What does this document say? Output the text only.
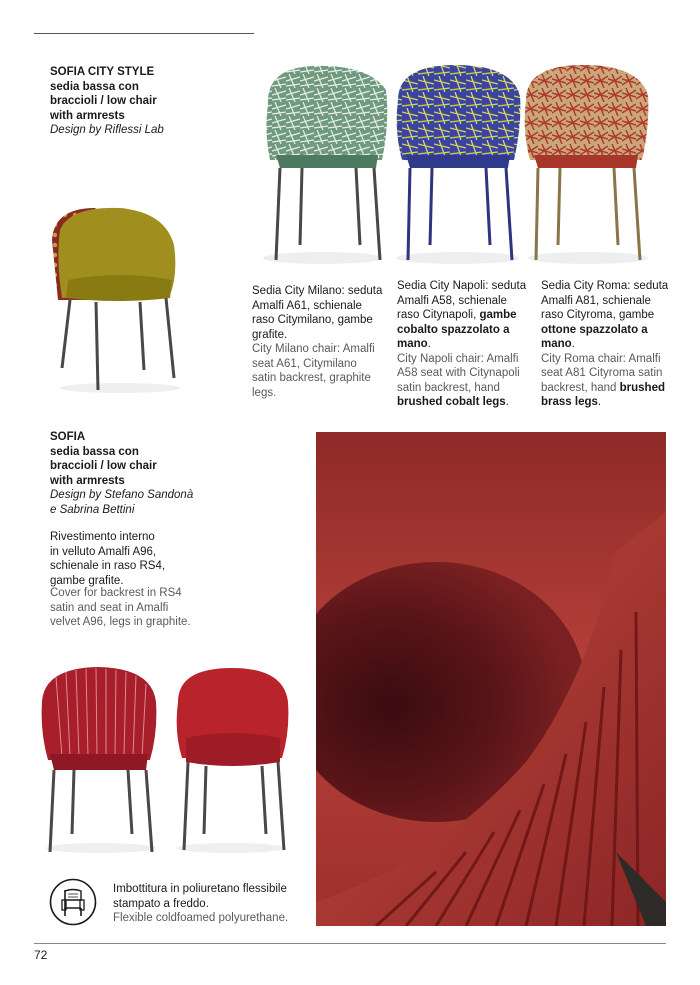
SOFIA CITY STYLE
sedia bassa con
braccioli / low chair
with armrests
Design by Riflessi Lab
Sedia City Milano: seduta Amalfi A61, schienale raso Citymilano, gambe grafite.
City Milano chair: Amalfi seat A61, Citymilano satin backrest, graphite legs.
Sedia City Napoli: seduta Amalfi A58, schienale raso Citynapoli, gambe cobalto spazzolato a mano.
City Napoli chair: Amalfi A58 seat with Citynapoli satin backrest, hand brushed cobalt legs.
Sedia City Roma: seduta Amalfi A81, schienale raso Cityroma, gambe ottone spazzolato a mano.
City Roma chair: Amalfi seat A81 Cityroma satin backrest, hand brushed brass legs.
SOFIA
sedia bassa con
braccioli / low chair
with armrests
Design by Stefano Sandonà
e Sabrina Bettini
Rivestimento interno
in velluto Amalfi A96,
schienale in raso RS4,
gambe grafite.
Cover for backrest in RS4
satin and seat in Amalfi
velvet A96, legs in graphite.
Imbottitura in poliuretano flessibile
stampato a freddo.
Flexible coldfoamed polyurethane.
72
